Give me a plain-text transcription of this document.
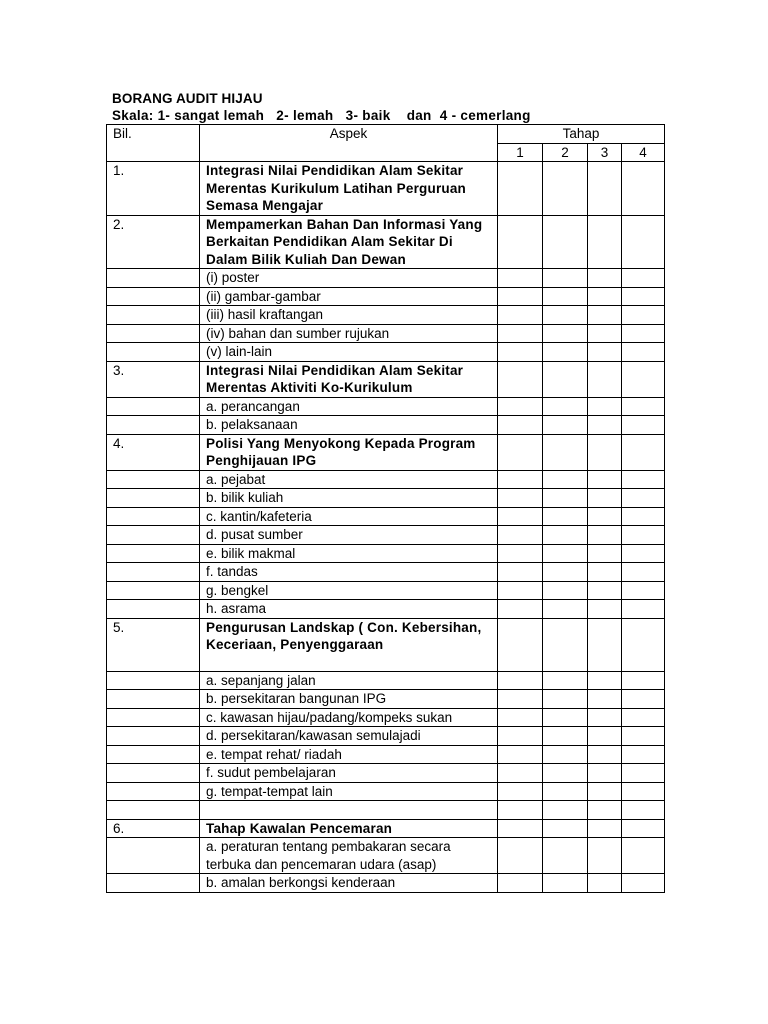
BORANG AUDIT HIJAU

Skala: 1- sangat lemah   2- lemah   3- baik    dan  4 - cemerlang

Bil.	Aspek	Tahap			
		1	2	3	4
1.	Integrasi Nilai Pendidikan Alam Sekitar Merentas Kurikulum Latihan Perguruan Semasa Mengajar				
2.	Mempamerkan Bahan Dan Informasi Yang Berkaitan Pendidikan Alam Sekitar Di Dalam Bilik Kuliah Dan Dewan				
	(i) poster				
	(ii) gambar-gambar				
	(iii) hasil kraftangan				
	(iv) bahan dan sumber rujukan				
	(v) lain-lain				
3.	Integrasi Nilai Pendidikan Alam Sekitar Merentas Aktiviti Ko-Kurikulum				
	a. perancangan				
	b. pelaksanaan				
4.	Polisi Yang Menyokong Kepada Program Penghijauan IPG				
	a. pejabat				
	b. bilik kuliah				
	c. kantin/kafeteria				
	d. pusat sumber				
	e. bilik makmal				
	f. tandas				
	g. bengkel				
	h. asrama				
5.	Pengurusan Landskap ( Con. Kebersihan, Keceriaan, Penyenggaraan				
	a. sepanjang jalan				
	b. persekitaran bangunan IPG				
	c. kawasan hijau/padang/kompeks sukan				
	d. persekitaran/kawasan semulajadi				
	e. tempat rehat/ riadah				
	f. sudut pembelajaran				
	g. tempat-tempat lain				

6.	Tahap Kawalan Pencemaran				
	a. peraturan tentang pembakaran secara terbuka dan pencemaran udara (asap)				
	b. amalan berkongsi kenderaan				
